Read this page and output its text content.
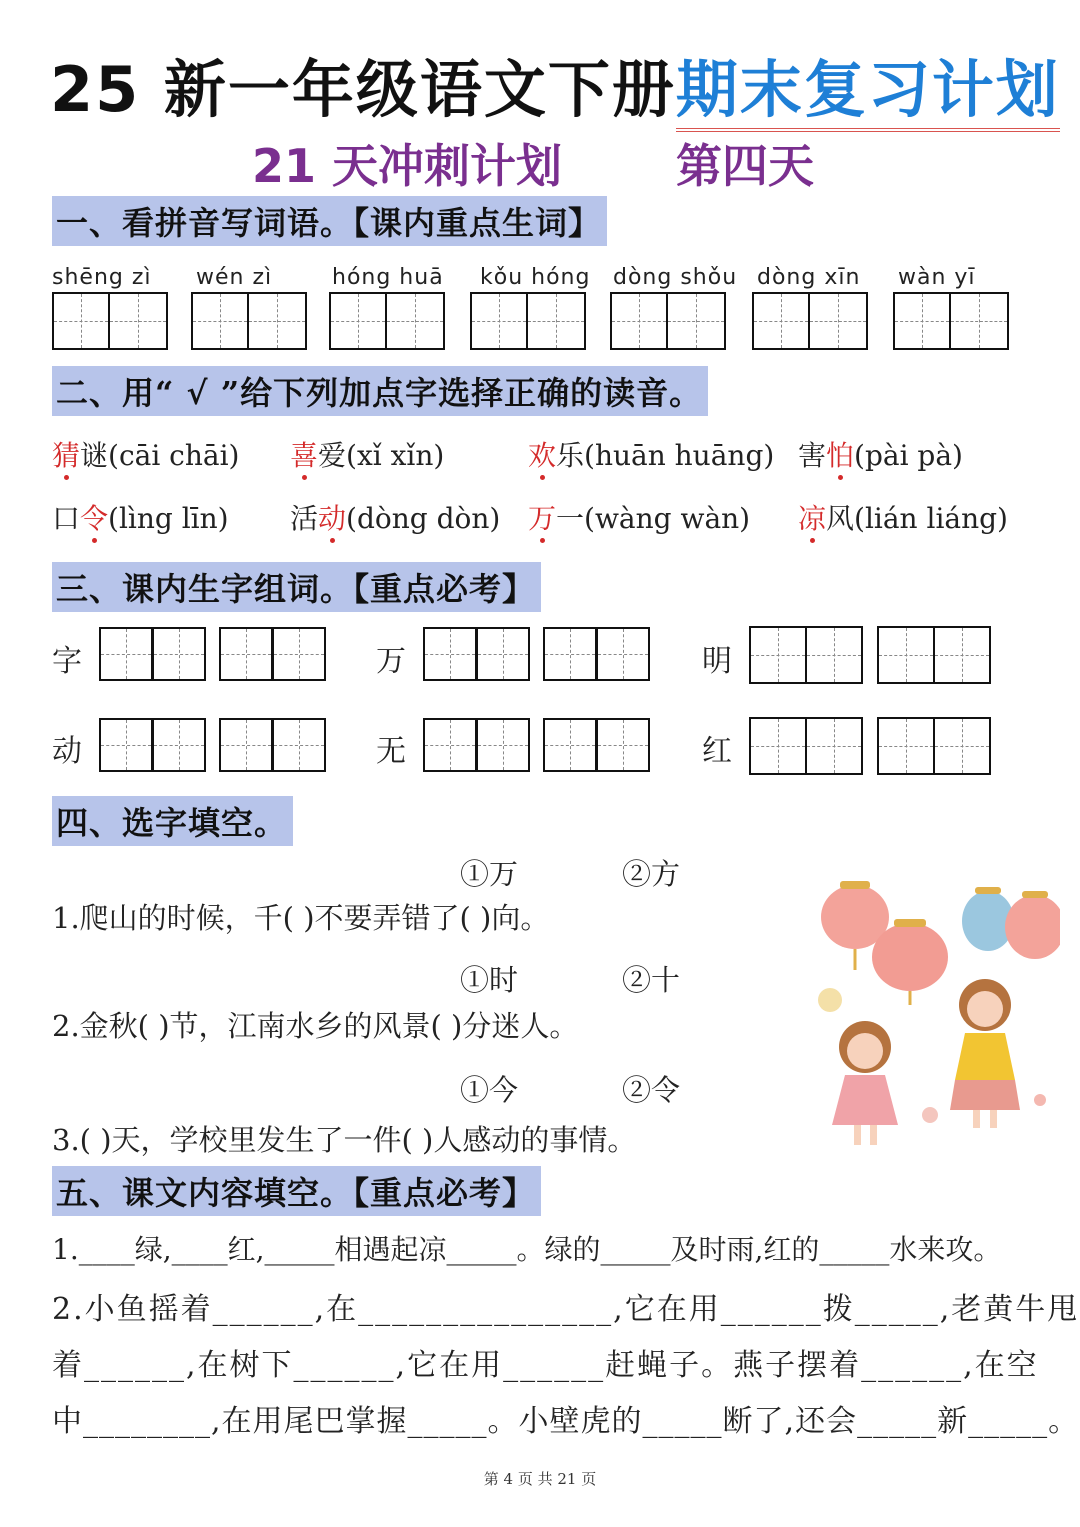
25 新一年级语文下册期末复习计划
21 天冲刺计划 第四天
一、看拼音写词语。【课内重点生词】
shēng zì wén zì	hóng huā kǒu hóng dòng shǒu dòng xīn wàn yī
二、用“ √ ”给下列加点字选择正确的读音。
猜谜(cāi chāi) 喜爱(xǐ xǐn)	欢乐(huān huāng) 害怕(pài pà)
口令(lìng līn) 活动(dòng dòn) 万一(wàng wàn) 凉风(lián liáng)
三、课内生字组词。【重点必考】
字	万	明
动	无	红
四、选字填空。
①万	②方
1.爬山的时候，千( )不要弄错了( )向。
①时	②十
2.金秋( )节，江南水乡的风景( )分迷人。
①今	②令
3.( )天，学校里发生了一件( )人感动的事情。
五、课文内容填空。【重点必考】
1.____绿,____红,_____相遇起凉_____。绿的_____及时雨,红的_____水来攻。
2.小鱼摇着______,在_______________,它在用______拨_____,老黄牛甩
着______,在树下______,它在用______赶蝇子。燕子摆着______,在空
中________,在用尾巴掌握_____。小壁虎的_____断了,还会_____新_____。
第 4 页 共 21 页
